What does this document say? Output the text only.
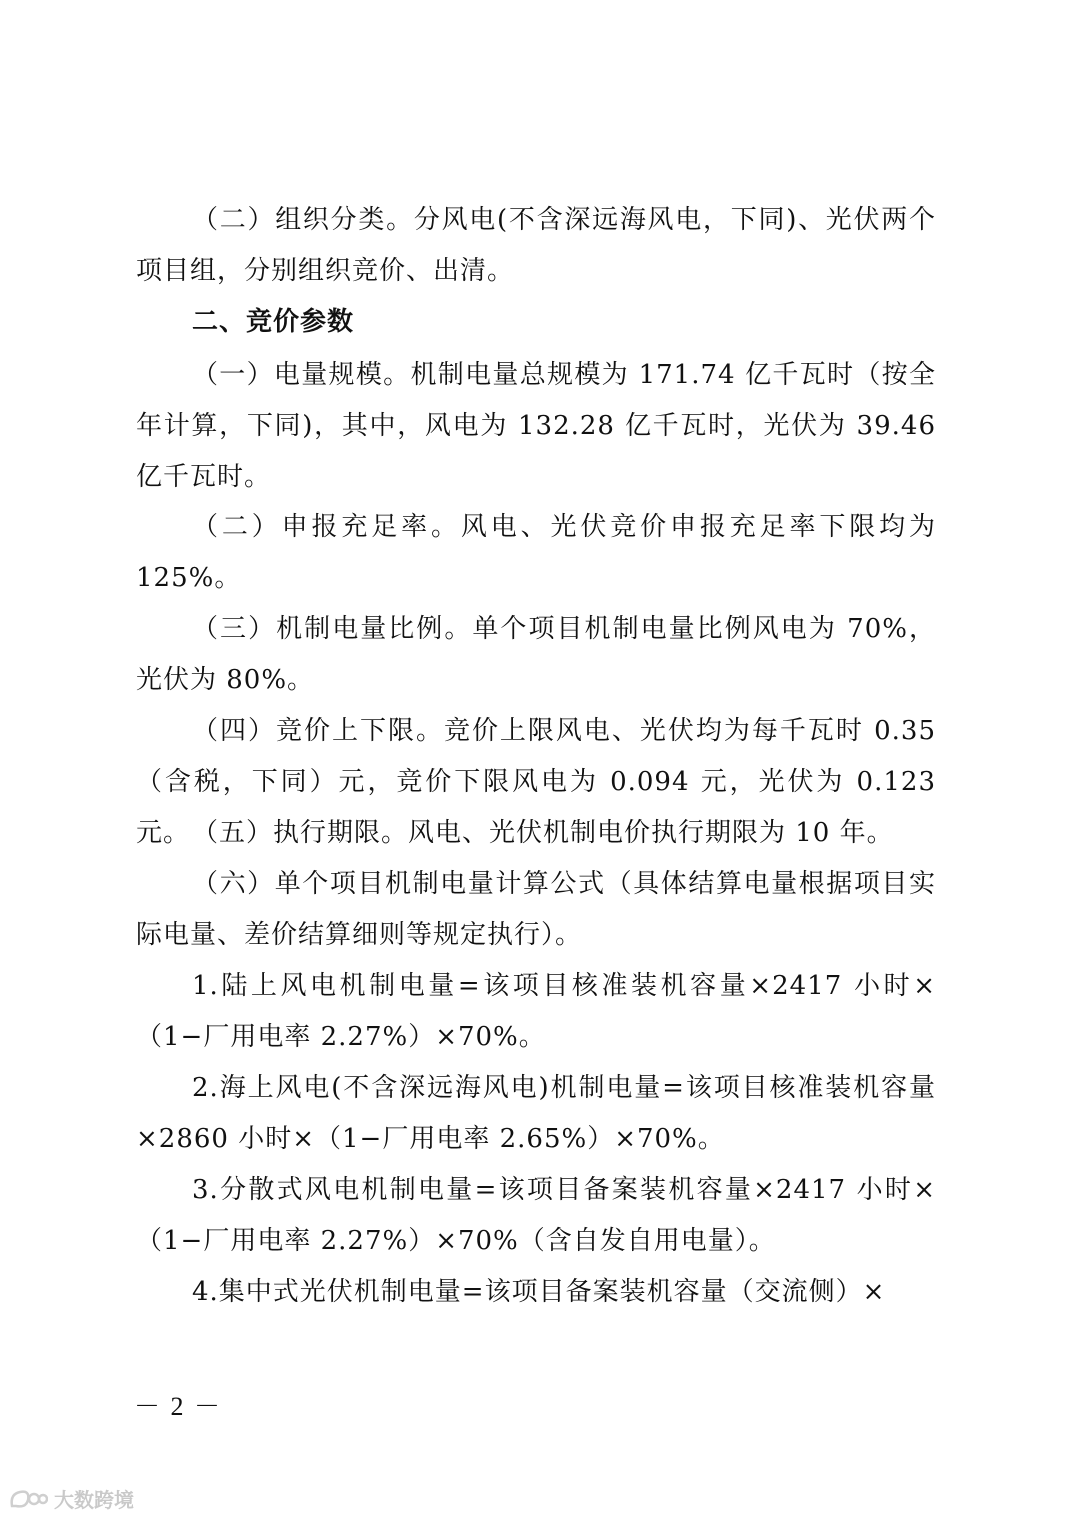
（二）组织分类。分风电(不含深远海风电，下同)、光伏两个项目组，分别组织竞价、出清。

二、竞价参数

（一）电量规模。机制电量总规模为 171.74 亿千瓦时（按全年计算，下同)，其中，风电为 132.28 亿千瓦时，光伏为 39.46 亿千瓦时。

（二）申报充足率。风电、光伏竞价申报充足率下限均为 125%。

（三）机制电量比例。单个项目机制电量比例风电为 70%，光伏为 80%。

（四）竞价上下限。竞价上限风电、光伏均为每千瓦时 0.35（含税，下同）元，竞价下限风电为 0.094 元，光伏为 0.123 元。 （五）执行期限。风电、光伏机制电价执行期限为 10 年。

（六）单个项目机制电量计算公式（具体结算电量根据项目实际电量、差价结算细则等规定执行）。

1.陆上风电机制电量=该项目核准装机容量×2417 小时×（1−厂用电率 2.27%）×70%。

2.海上风电(不含深远海风电)机制电量=该项目核准装机容量×2860 小时×（1−厂用电率 2.65%）×70%。

3.分散式风电机制电量=该项目备案装机容量×2417 小时×（1−厂用电率 2.27%）×70%（含自发自用电量）。

4.集中式光伏机制电量=该项目备案装机容量（交流侧）×

－ 2 －
大数跨境
